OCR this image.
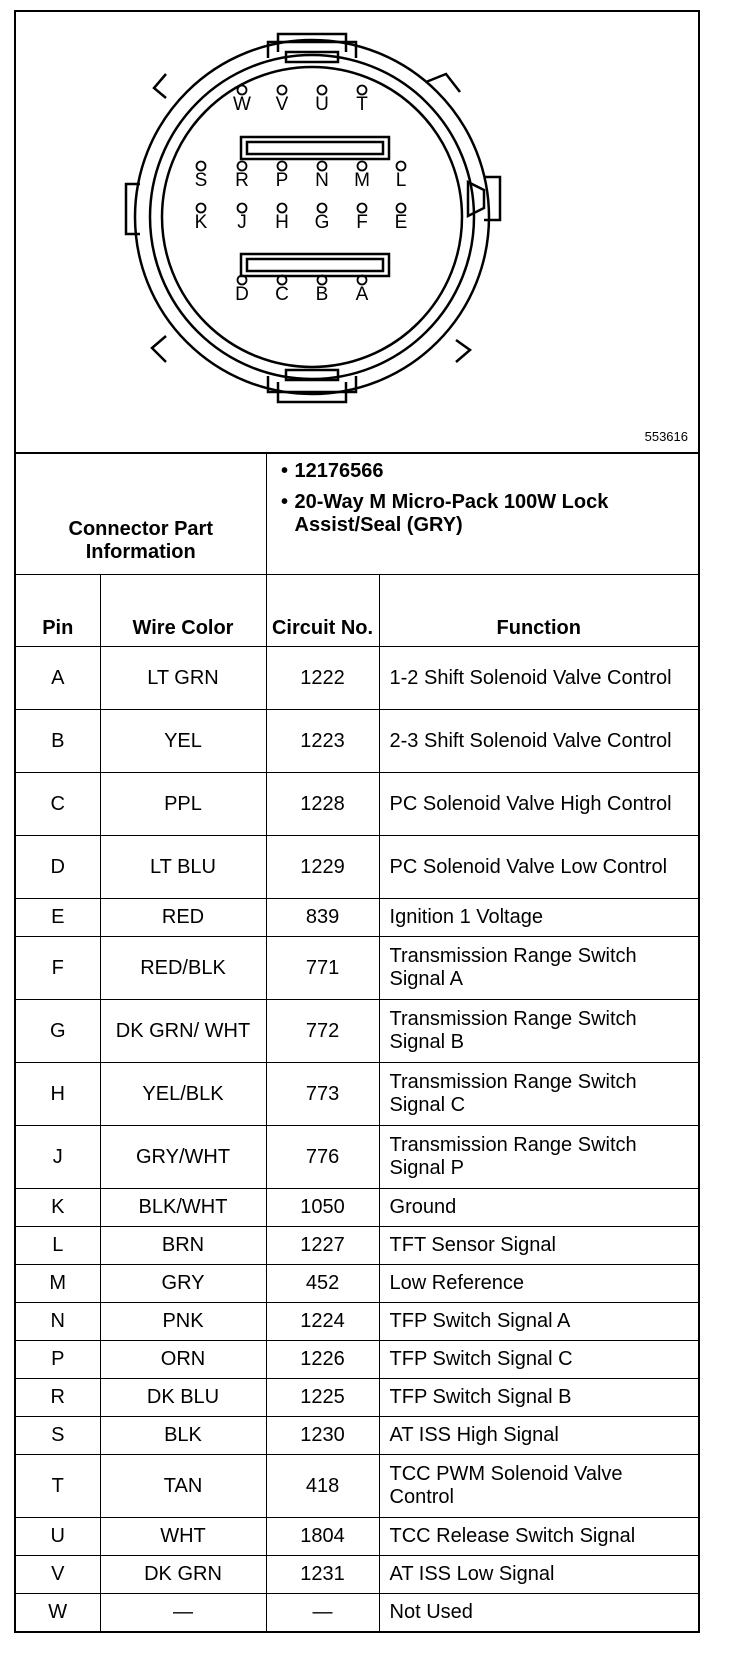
W V U T
S R P N M L
K J H G F E
D C B A
553616
Connector Part Information		• 12176566
• 20-Way M Micro-Pack 100W Lock Assist/Seal (GRY)	

Pin	Wire Color	Circuit No.	Function
A	LT GRN	1222	1-2 Shift Solenoid Valve Control
B	YEL	1223	2-3 Shift Solenoid Valve Control
C	PPL	1228	PC Solenoid Valve High Control
D	LT BLU	1229	PC Solenoid Valve Low Control
E	RED	839	Ignition 1 Voltage
F	RED/BLK	771	Transmission Range Switch Signal A
G	DK GRN/ WHT	772	Transmission Range Switch Signal B
H	YEL/BLK	773	Transmission Range Switch Signal C
J	GRY/WHT	776	Transmission Range Switch Signal P
K	BLK/WHT	1050	Ground
L	BRN	1227	TFT Sensor Signal
M	GRY	452	Low Reference
N	PNK	1224	TFP Switch Signal A
P	ORN	1226	TFP Switch Signal C
R	DK BLU	1225	TFP Switch Signal B
S	BLK	1230	AT ISS High Signal
T	TAN	418	TCC PWM Solenoid Valve Control
U	WHT	1804	TCC Release Switch Signal
V	DK GRN	1231	AT ISS Low Signal
W	—	—	Not Used
